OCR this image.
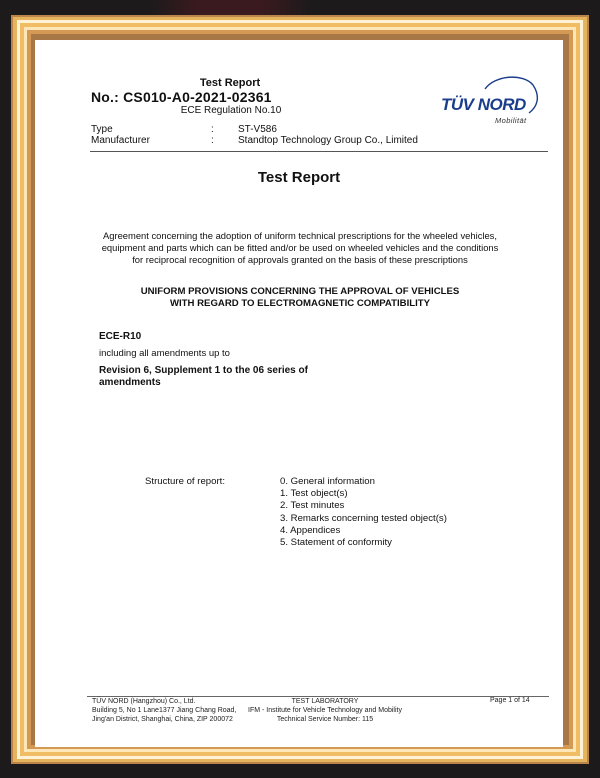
Test Report
No.: CS010-A0-2021-02361
ECE Regulation No.10	TÜV NORD
Mobilität
Type	:	ST-V586
Manufacturer	:	Standtop Technology Group Co., Limited
Test Report
Agreement concerning the adoption of uniform technical prescriptions for the wheeled vehicles, equipment and parts which can be fitted and/or be used on wheeled vehicles and the conditions for reciprocal recognition of approvals granted on the basis of these prescriptions
UNIFORM PROVISIONS CONCERNING THE APPROVAL OF VEHICLES
WITH REGARD TO ELECTROMAGNETIC COMPATIBILITY
ECE-R10
including all amendments up to
Revision 6, Supplement 1 to the 06 series of amendments
Structure of report:	0. General information
1. Test object(s)
2. Test minutes
3. Remarks concerning tested object(s)
4. Appendices
5. Statement of conformity
TÜV NORD (Hangzhou) Co., Ltd.
Building 5, No 1 Lane1377 Jiang Chang Road,
Jing'an District, Shanghai, China, ZIP 200072
TEST LABORATORY
IFM - Institute for Vehicle Technology and Mobility
Technical Service Number: 115
Page 1 of 14
